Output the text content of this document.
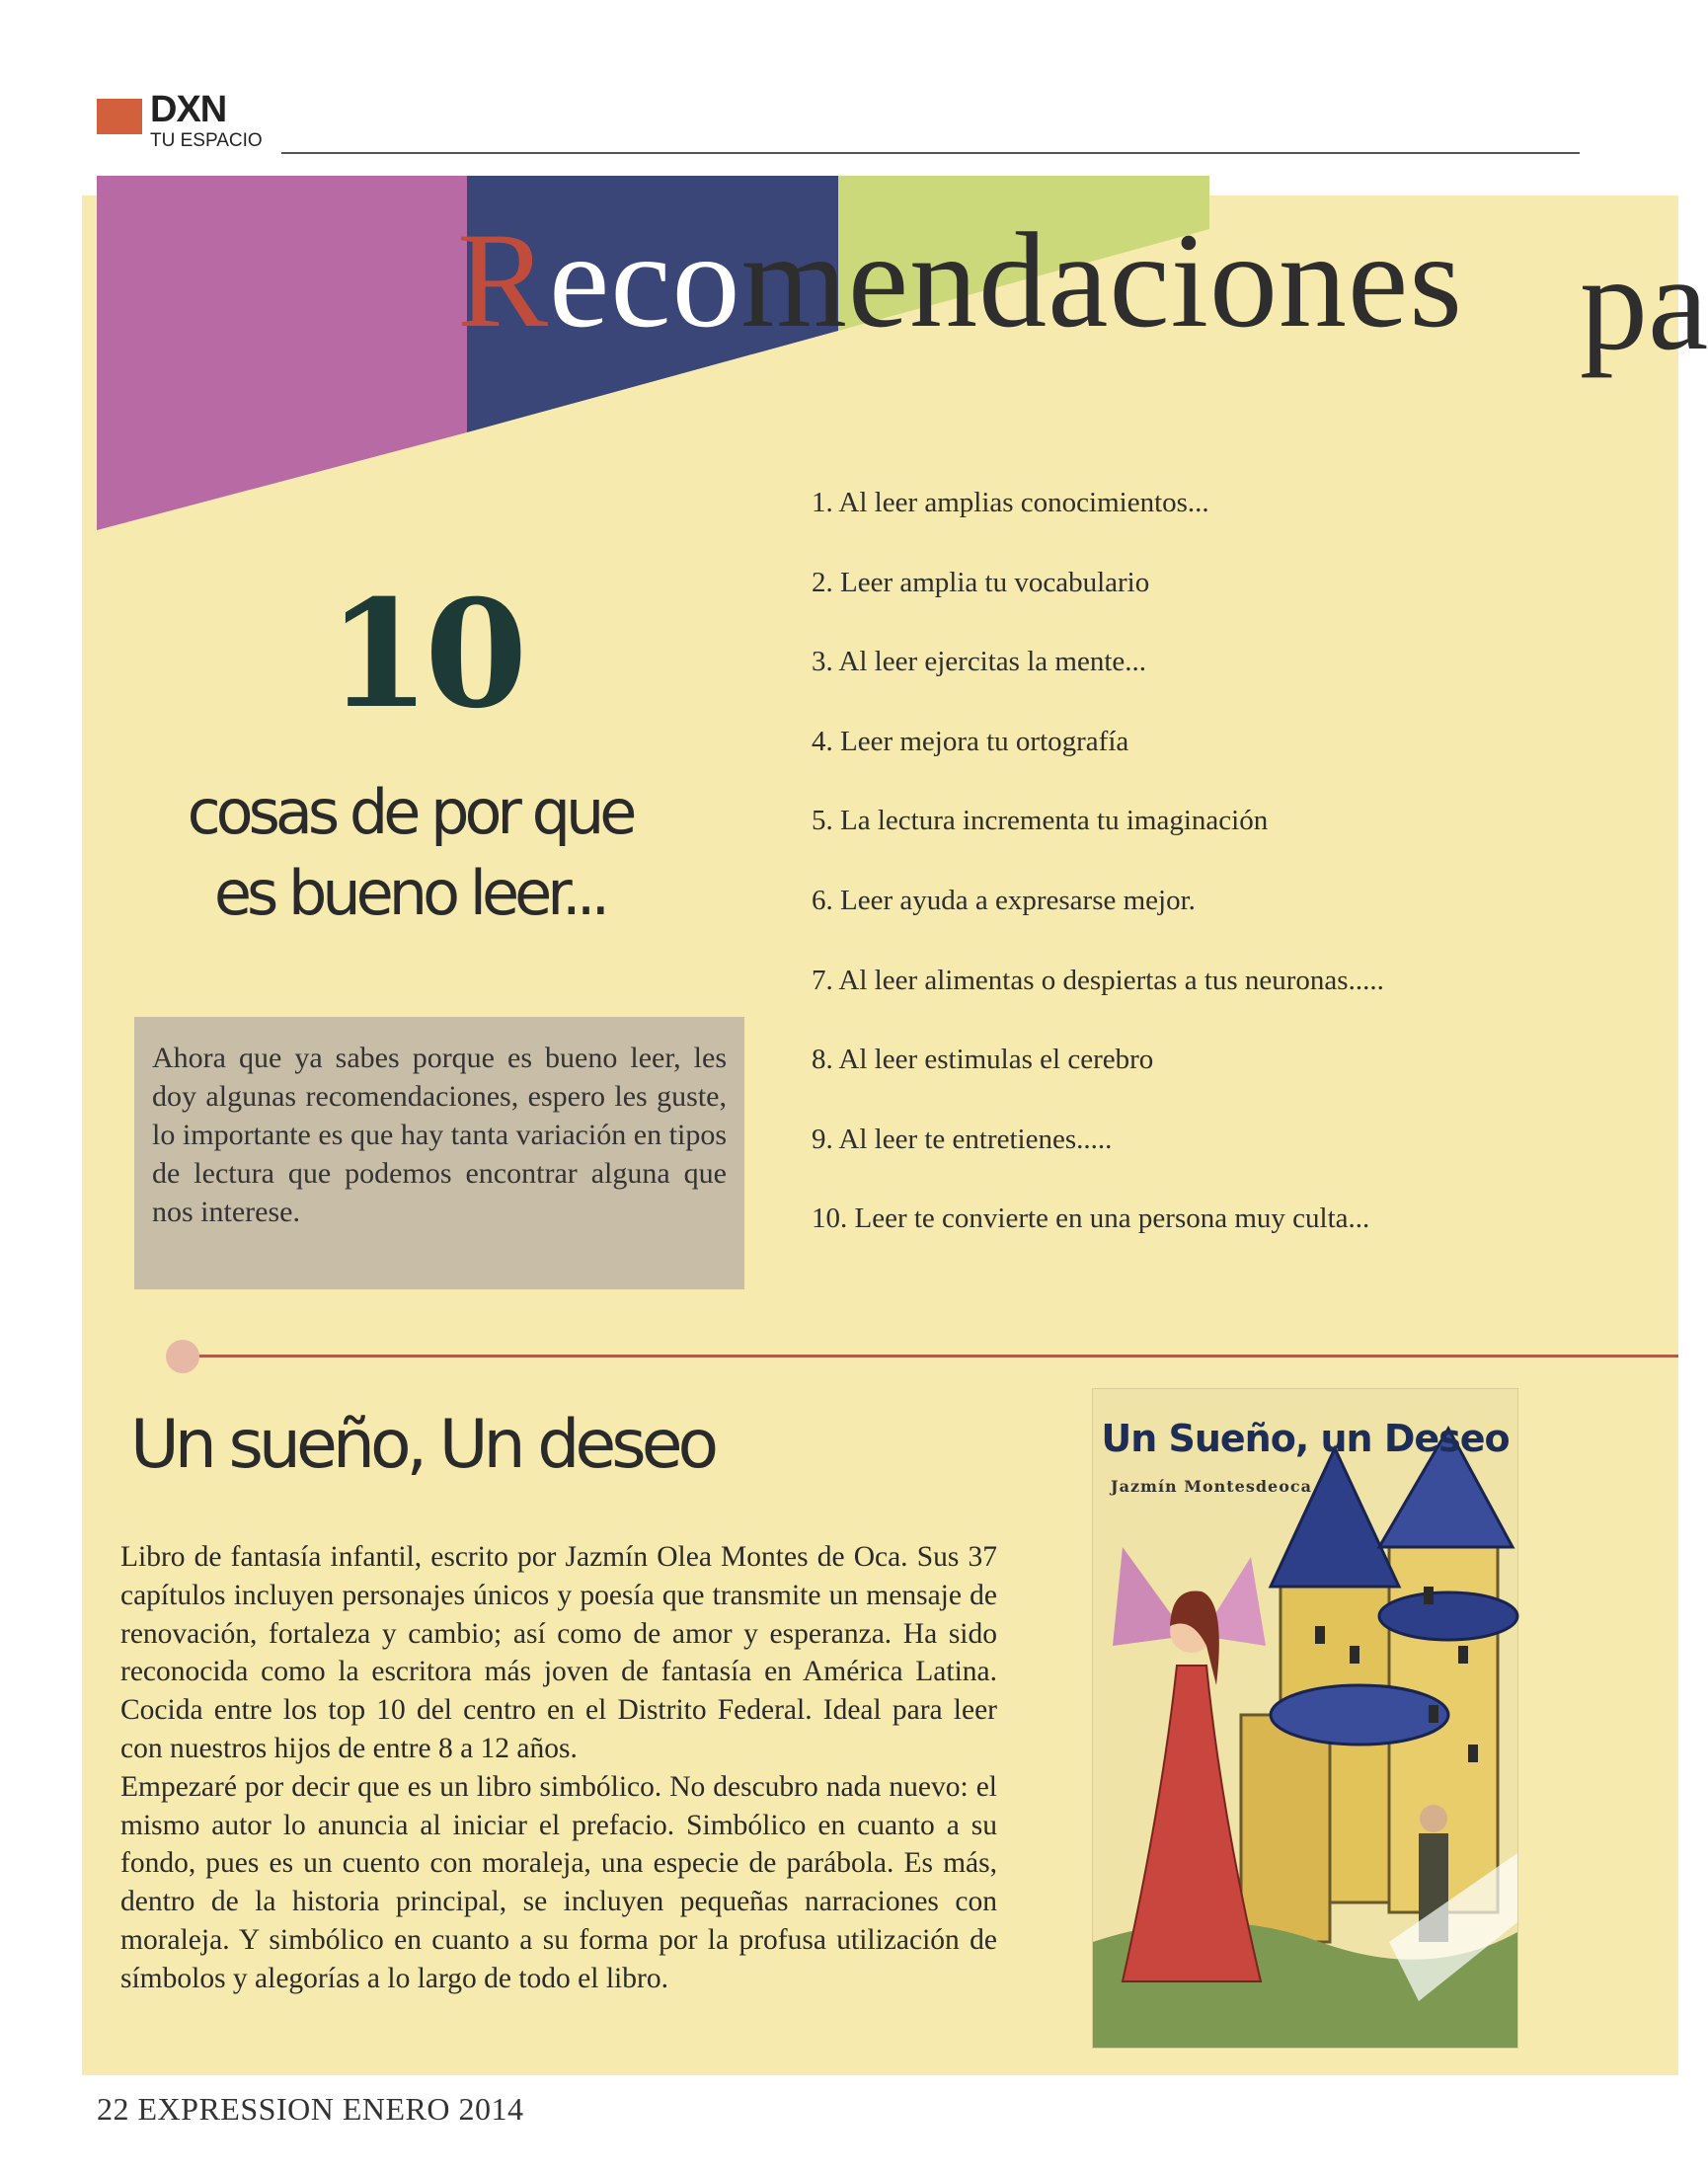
DXN
TU ESPACIO
Recomendaciones pa
10
cosas de por que
es bueno leer...
Ahora que ya sabes porque es bueno leer, les doy algunas recomendaciones, espero les guste, lo importante es que hay tanta variación en tipos de lectura que podemos encontrar alguna que nos interese.
1. Al leer amplias conocimientos...
2. Leer amplia tu vocabulario
3. Al leer ejercitas la mente...
4. Leer mejora tu ortografía
5. La lectura incrementa tu imaginación
6. Leer ayuda a expresarse mejor.
7. Al leer alimentas o despiertas a tus neuronas.....
8. Al leer estimulas el cerebro
9. Al leer te entretienes.....
10. Leer te convierte en una persona muy culta...
Un sueño, Un deseo

Libro de fantasía infantil, escrito por Jazmín Olea Montes de Oca. Sus 37 capítulos incluyen personajes únicos y poesía que transmite un mensaje de renovación, fortaleza y cambio; así como de amor y esperanza. Ha sido reconocida como la escritora más joven de fantasía en América Latina. Cocida entre los top 10 del centro en el Distrito Federal. Ideal para leer con nuestros hijos de entre 8 a 12 años.

Empezaré por decir que es un libro simbólico. No descubro nada nuevo: el mismo autor lo anuncia al iniciar el prefacio. Simbólico en cuanto a su fondo, pues es un cuento con moraleja, una especie de parábola. Es más, dentro de la historia principal, se incluyen pequeñas narraciones con moraleja. Y simbólico en cuanto a su forma por la profusa utilización de símbolos y alegorías a lo largo de todo el libro.

Un Sueño, un Deseo
Jazmín Montesdeoca
22 EXPRESSION ENERO 2014
